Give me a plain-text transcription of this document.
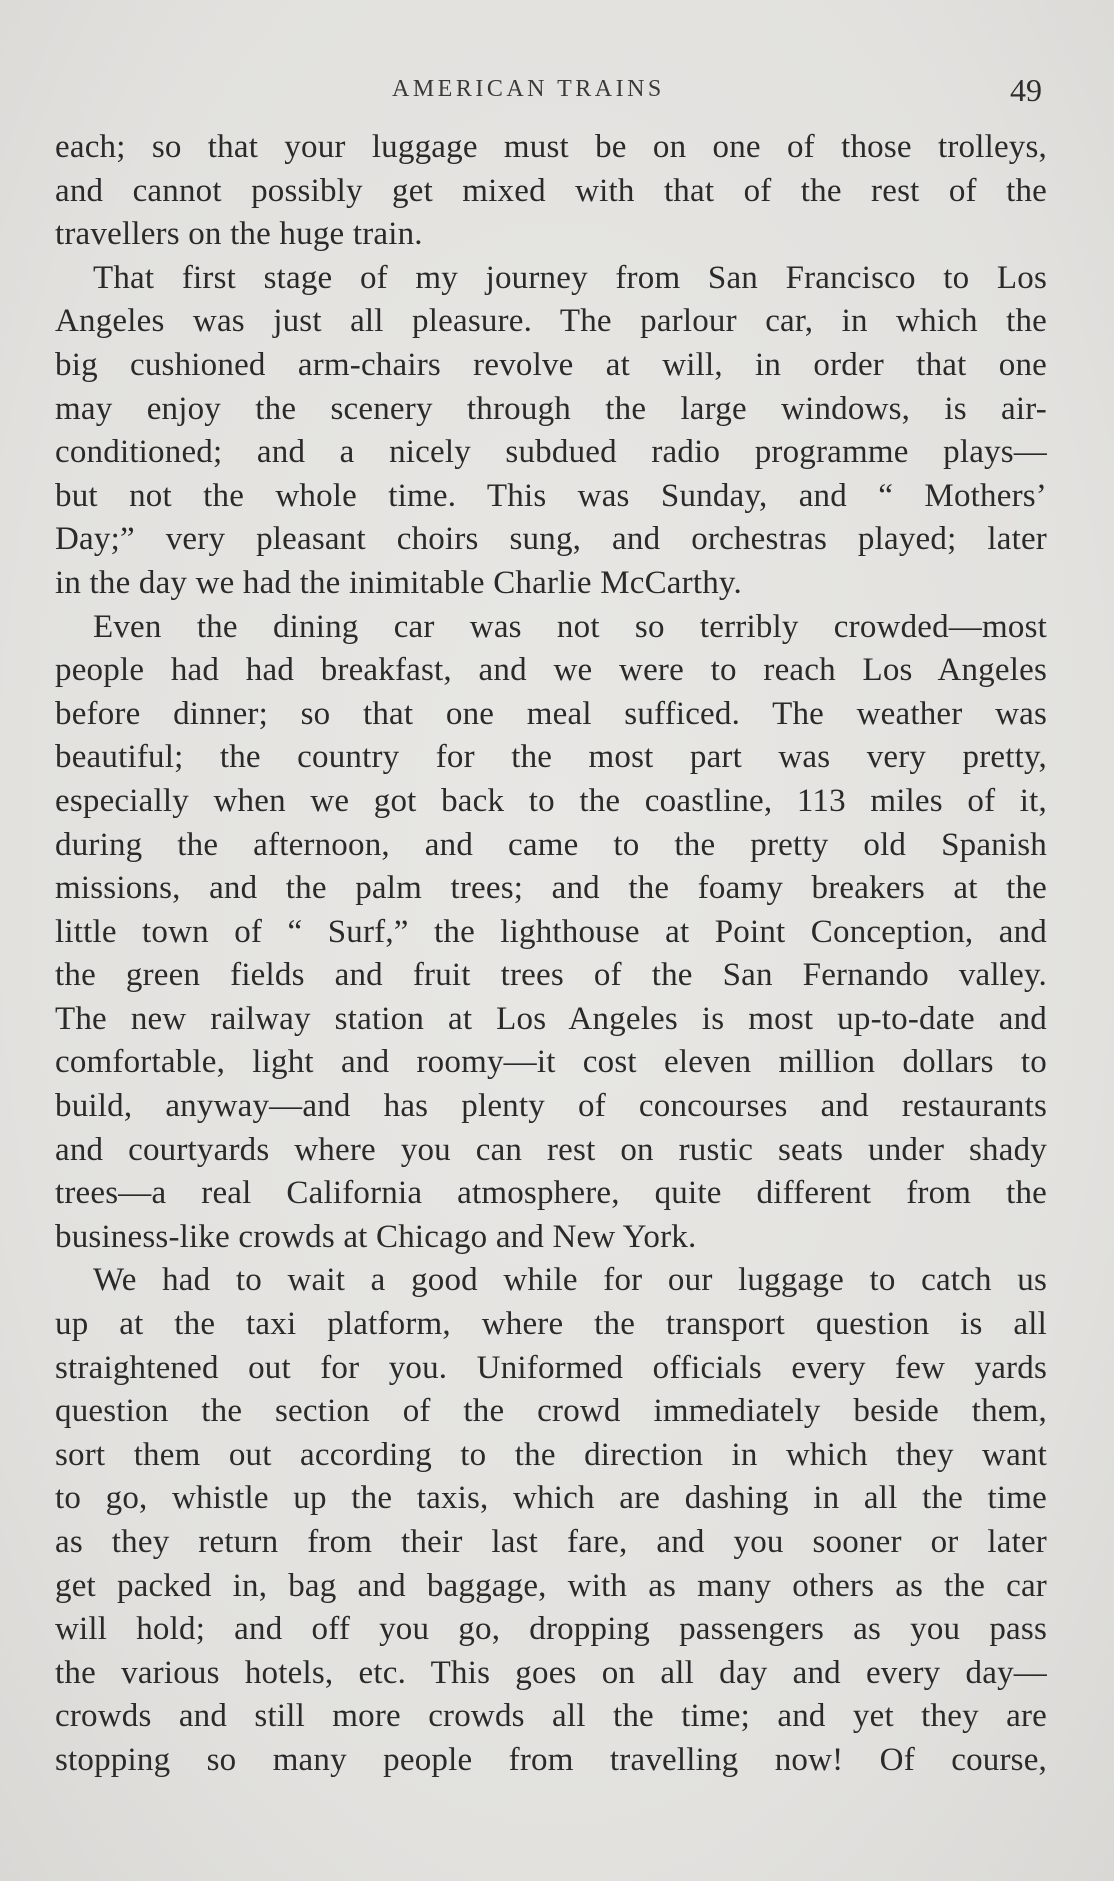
AMERICAN TRAINS	49
each; so that your luggage must be on one of those trolleys,
and cannot possibly get mixed with that of the rest of the
travellers on the huge train.
That first stage of my journey from San Francisco to Los
Angeles was just all pleasure. The parlour car, in which the
big cushioned arm-chairs revolve at will, in order that one
may enjoy the scenery through the large windows, is air-
conditioned; and a nicely subdued radio programme plays—
but not the whole time. This was Sunday, and “ Mothers’
Day;” very pleasant choirs sung, and orchestras played; later
in the day we had the inimitable Charlie McCarthy.
Even the dining car was not so terribly crowded—most
people had had breakfast, and we were to reach Los Angeles
before dinner; so that one meal sufficed. The weather was
beautiful; the country for the most part was very pretty,
especially when we got back to the coastline, 113 miles of it,
during the afternoon, and came to the pretty old Spanish
missions, and the palm trees; and the foamy breakers at the
little town of “ Surf,” the lighthouse at Point Conception, and
the green fields and fruit trees of the San Fernando valley.
The new railway station at Los Angeles is most up-to-date and
comfortable, light and roomy—it cost eleven million dollars to
build, anyway—and has plenty of concourses and restaurants
and courtyards where you can rest on rustic seats under shady
trees—a real California atmosphere, quite different from the
business-like crowds at Chicago and New York.
We had to wait a good while for our luggage to catch us
up at the taxi platform, where the transport question is all
straightened out for you. Uniformed officials every few yards
question the section of the crowd immediately beside them,
sort them out according to the direction in which they want
to go, whistle up the taxis, which are dashing in all the time
as they return from their last fare, and you sooner or later
get packed in, bag and baggage, with as many others as the car
will hold; and off you go, dropping passengers as you pass
the various hotels, etc. This goes on all day and every day—
crowds and still more crowds all the time; and yet they are
stopping so many people from travelling now! Of course,
